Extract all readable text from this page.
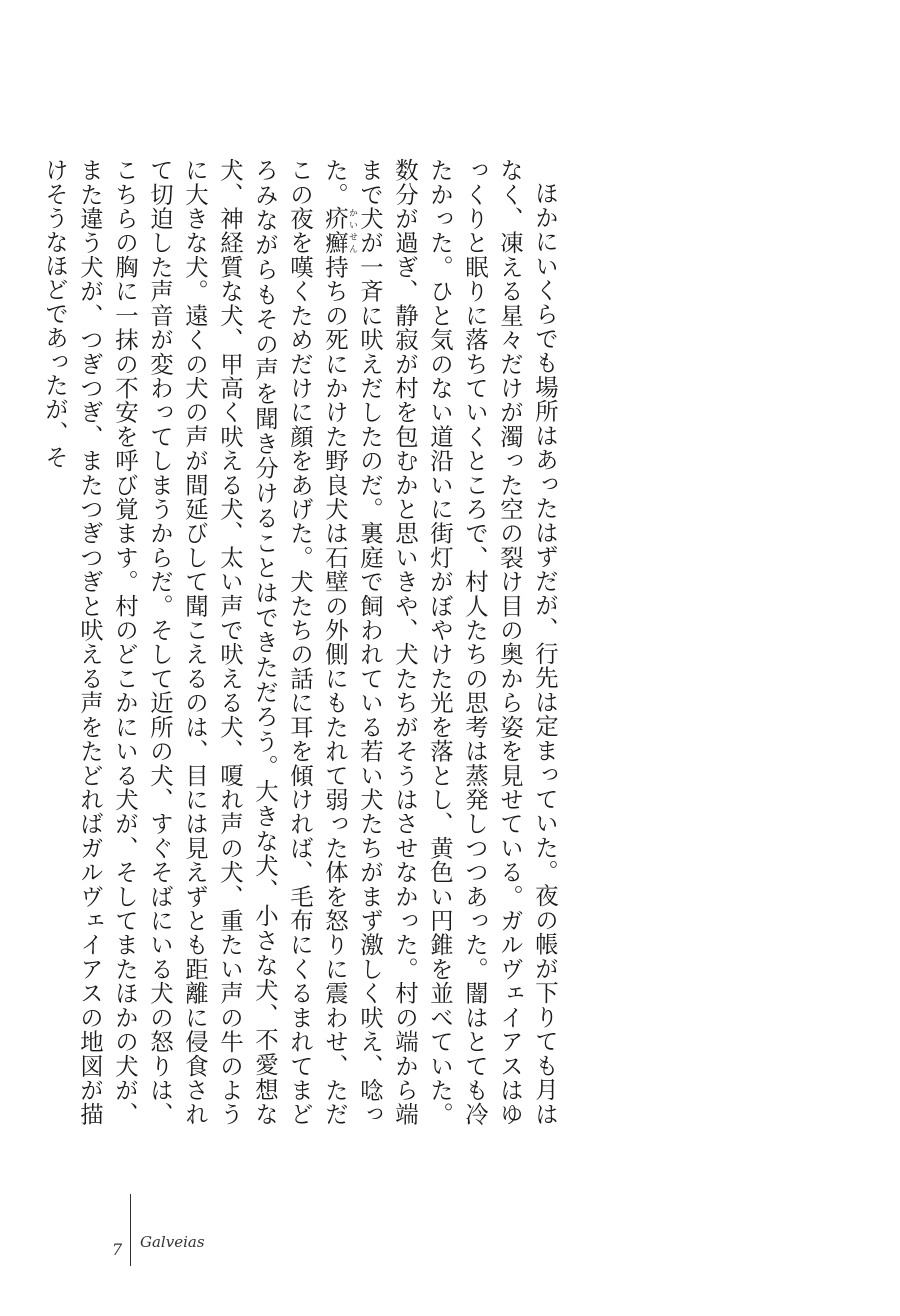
ほかにいくらでも場所はあったはずだが、行先は定まっていた。夜の帳が下りても月はなく、凍える星々だけが濁った空の裂け目の奥から姿を見せている。ガルヴェイアスはゆっくりと眠りに落ちていくところで、村人たちの思考は蒸発しつつあった。闇はとても冷たかった。ひと気のない道沿いに街灯がぼやけた光を落とし、黄色い円錐を並べていた。数分が過ぎ、静寂が村を包むかと思いきや、犬たちがそうはさせなかった。村の端から端まで犬が一斉に吠えだしたのだ。裏庭で飼われている若い犬たちがまず激しく吠え、唸った。疥癬かいせん持ちの死にかけた野良犬は石壁の外側にもたれて弱った体を怒りに震わせ、ただこの夜を嘆くためだけに顔をあげた。犬たちの話に耳を傾ければ、毛布にくるまれてまどろみながらもその声を聞き分けることはできただろう。大きな犬、小さな犬、不愛想な犬、神経質な犬、甲高く吠える犬、太い声で吠える犬、嗄れ声の犬、重たい声の牛のように大きな犬。遠くの犬の声が間延びして聞こえるのは、目には見えずとも距離に侵食されて切迫した声音が変わってしまうからだ。そして近所の犬、すぐそばにいる犬の怒りは、こちらの胸に一抹の不安を呼び覚ます。村のどこかにいる犬が、そしてまたほかの犬が、また違う犬が、つぎつぎ、またつぎつぎと吠える声をたどればガルヴェイアスの地図が描けそうなほどであったが、そ

7 Galveias
